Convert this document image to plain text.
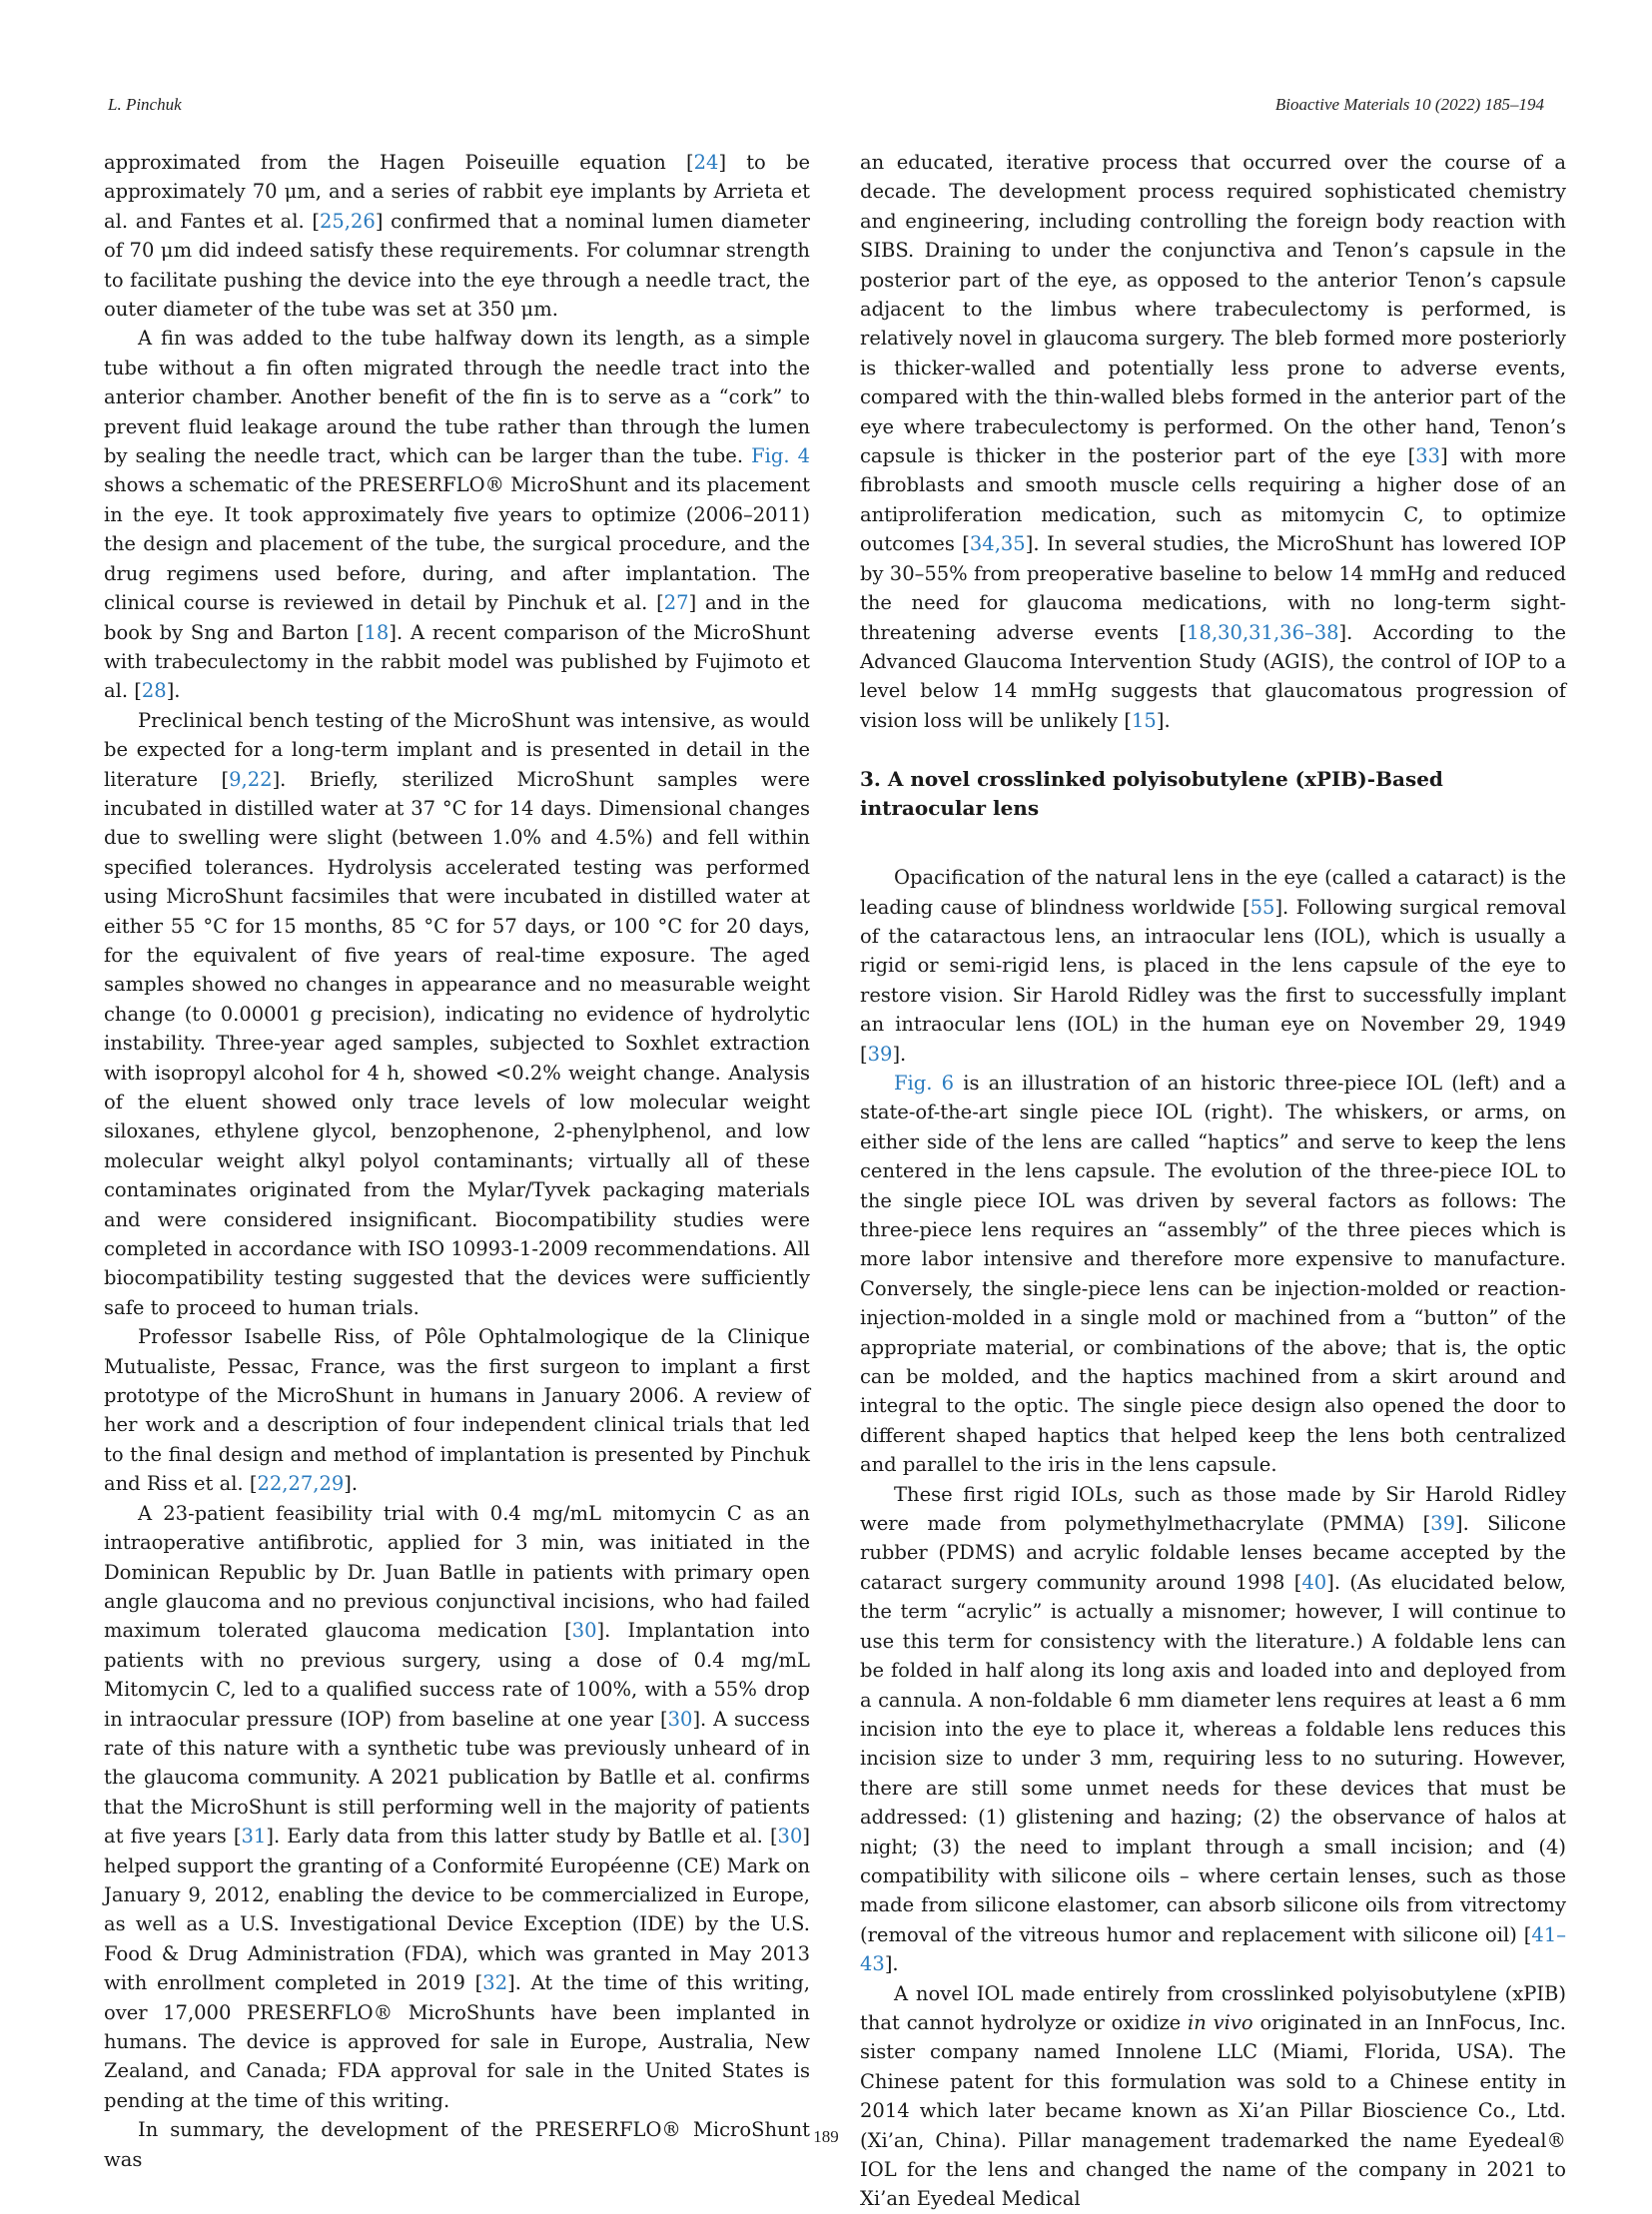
L. Pinchuk	Bioactive Materials 10 (2022) 185–194

approximated from the Hagen Poiseuille equation [24] to be approximately 70 μm, and a series of rabbit eye implants by Arrieta et al. and Fantes et al. [25,26] confirmed that a nominal lumen diameter of 70 μm did indeed satisfy these requirements. For columnar strength to facilitate pushing the device into the eye through a needle tract, the outer diameter of the tube was set at 350 μm.

A fin was added to the tube halfway down its length, as a simple tube without a fin often migrated through the needle tract into the anterior chamber. Another benefit of the fin is to serve as a “cork” to prevent fluid leakage around the tube rather than through the lumen by sealing the needle tract, which can be larger than the tube. Fig. 4 shows a schematic of the PRESERFLO® MicroShunt and its placement in the eye. It took approximately five years to optimize (2006–2011) the design and placement of the tube, the surgical procedure, and the drug regimens used before, during, and after implantation. The clinical course is reviewed in detail by Pinchuk et al. [27] and in the book by Sng and Barton [18]. A recent comparison of the MicroShunt with trabeculectomy in the rabbit model was published by Fujimoto et al. [28].

Preclinical bench testing of the MicroShunt was intensive, as would be expected for a long-term implant and is presented in detail in the literature [9,22]. Briefly, sterilized MicroShunt samples were incubated in distilled water at 37 °C for 14 days. Dimensional changes due to swelling were slight (between 1.0% and 4.5%) and fell within specified tolerances. Hydrolysis accelerated testing was performed using MicroShunt facsimiles that were incubated in distilled water at either 55 °C for 15 months, 85 °C for 57 days, or 100 °C for 20 days, for the equivalent of five years of real-time exposure. The aged samples showed no changes in appearance and no measurable weight change (to 0.00001 g precision), indicating no evidence of hydrolytic instability. Three-year aged samples, subjected to Soxhlet extraction with isopropyl alcohol for 4 h, showed <0.2% weight change. Analysis of the eluent showed only trace levels of low molecular weight siloxanes, ethylene glycol, benzophenone, 2-phenylphenol, and low molecular weight alkyl polyol contaminants; virtually all of these contaminates originated from the Mylar/Tyvek packaging materials and were considered insignificant. Biocompatibility studies were completed in accordance with ISO 10993-1-2009 recommendations. All biocompatibility testing suggested that the devices were sufficiently safe to proceed to human trials.

Professor Isabelle Riss, of Pôle Ophtalmologique de la Clinique Mutualiste, Pessac, France, was the first surgeon to implant a first prototype of the MicroShunt in humans in January 2006. A review of her work and a description of four independent clinical trials that led to the final design and method of implantation is presented by Pinchuk and Riss et al. [22,27,29].

A 23-patient feasibility trial with 0.4 mg/mL mitomycin C as an intraoperative antifibrotic, applied for 3 min, was initiated in the Dominican Republic by Dr. Juan Batlle in patients with primary open angle glaucoma and no previous conjunctival incisions, who had failed maximum tolerated glaucoma medication [30]. Implantation into patients with no previous surgery, using a dose of 0.4 mg/mL Mitomycin C, led to a qualified success rate of 100%, with a 55% drop in intraocular pressure (IOP) from baseline at one year [30]. A success rate of this nature with a synthetic tube was previously unheard of in the glaucoma community. A 2021 publication by Batlle et al. confirms that the MicroShunt is still performing well in the majority of patients at five years [31]. Early data from this latter study by Batlle et al. [30] helped support the granting of a Conformité Européenne (CE) Mark on January 9, 2012, enabling the device to be commercialized in Europe, as well as a U.S. Investigational Device Exception (IDE) by the U.S. Food & Drug Administration (FDA), which was granted in May 2013 with enrollment completed in 2019 [32]. At the time of this writing, over 17,000 PRESERFLO® MicroShunts have been implanted in humans. The device is approved for sale in Europe, Australia, New Zealand, and Canada; FDA approval for sale in the United States is pending at the time of this writing.

In summary, the development of the PRESERFLO® MicroShunt was

an educated, iterative process that occurred over the course of a decade. The development process required sophisticated chemistry and engineering, including controlling the foreign body reaction with SIBS. Draining to under the conjunctiva and Tenon’s capsule in the posterior part of the eye, as opposed to the anterior Tenon’s capsule adjacent to the limbus where trabeculectomy is performed, is relatively novel in glaucoma surgery. The bleb formed more posteriorly is thicker-walled and potentially less prone to adverse events, compared with the thin-walled blebs formed in the anterior part of the eye where trabeculectomy is performed. On the other hand, Tenon’s capsule is thicker in the posterior part of the eye [33] with more fibroblasts and smooth muscle cells requiring a higher dose of an antiproliferation medication, such as mitomycin C, to optimize outcomes [34,35]. In several studies, the MicroShunt has lowered IOP by 30–55% from preoperative baseline to below 14 mmHg and reduced the need for glaucoma medications, with no long-term sight-threatening adverse events [18,30,31,36–38]. According to the Advanced Glaucoma Intervention Study (AGIS), the control of IOP to a level below 14 mmHg suggests that glaucomatous progression of vision loss will be unlikely [15].

3. A novel crosslinked polyisobutylene (xPIB)-Based intraocular lens

Opacification of the natural lens in the eye (called a cataract) is the leading cause of blindness worldwide [55]. Following surgical removal of the cataractous lens, an intraocular lens (IOL), which is usually a rigid or semi-rigid lens, is placed in the lens capsule of the eye to restore vision. Sir Harold Ridley was the first to successfully implant an intraocular lens (IOL) in the human eye on November 29, 1949 [39].

Fig. 6 is an illustration of an historic three-piece IOL (left) and a state-of-the-art single piece IOL (right). The whiskers, or arms, on either side of the lens are called “haptics” and serve to keep the lens centered in the lens capsule. The evolution of the three-piece IOL to the single piece IOL was driven by several factors as follows: The three-piece lens requires an “assembly” of the three pieces which is more labor intensive and therefore more expensive to manufacture. Conversely, the single-piece lens can be injection-molded or reaction-injection-molded in a single mold or machined from a “button” of the appropriate material, or combinations of the above; that is, the optic can be molded, and the haptics machined from a skirt around and integral to the optic. The single piece design also opened the door to different shaped haptics that helped keep the lens both centralized and parallel to the iris in the lens capsule.

These first rigid IOLs, such as those made by Sir Harold Ridley were made from polymethylmethacrylate (PMMA) [39]. Silicone rubber (PDMS) and acrylic foldable lenses became accepted by the cataract surgery community around 1998 [40]. (As elucidated below, the term “acrylic” is actually a misnomer; however, I will continue to use this term for consistency with the literature.) A foldable lens can be folded in half along its long axis and loaded into and deployed from a cannula. A non-foldable 6 mm diameter lens requires at least a 6 mm incision into the eye to place it, whereas a foldable lens reduces this incision size to under 3 mm, requiring less to no suturing. However, there are still some unmet needs for these devices that must be addressed: (1) glistening and hazing; (2) the observance of halos at night; (3) the need to implant through a small incision; and (4) compatibility with silicone oils – where certain lenses, such as those made from silicone elastomer, can absorb silicone oils from vitrectomy (removal of the vitreous humor and replacement with silicone oil) [41–43].

A novel IOL made entirely from crosslinked polyisobutylene (xPIB) that cannot hydrolyze or oxidize in vivo originated in an InnFocus, Inc. sister company named Innolene LLC (Miami, Florida, USA). The Chinese patent for this formulation was sold to a Chinese entity in 2014 which later became known as Xi’an Pillar Bioscience Co., Ltd. (Xi’an, China). Pillar management trademarked the name Eyedeal® IOL for the lens and changed the name of the company in 2021 to Xi’an Eyedeal Medical

189
